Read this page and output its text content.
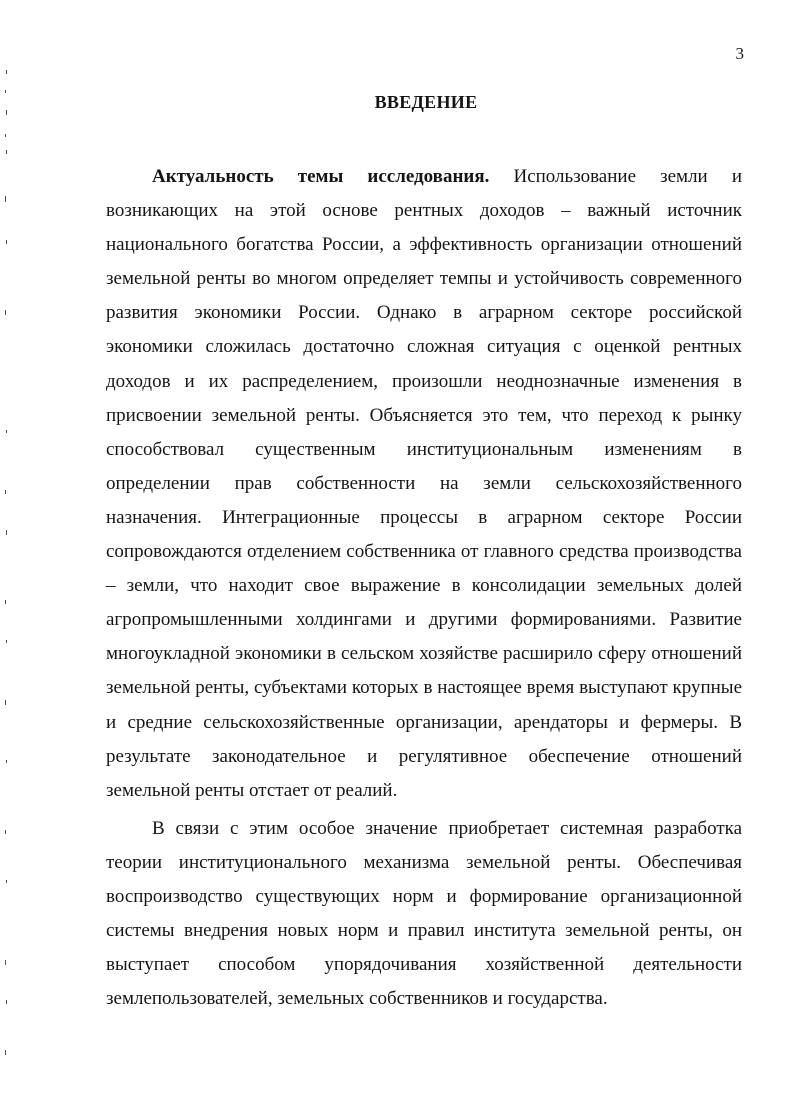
3
ВВЕДЕНИЕ

Актуальность темы исследования. Использование земли и возникающих на этой основе рентных доходов – важный источник национального богатства России, а эффективность организации отношений земельной ренты во многом определяет темпы и устойчивость современного развития экономики России. Однако в аграрном секторе российской экономики сложилась достаточно сложная ситуация с оценкой рентных доходов и их распределением, произошли неоднозначные изменения в присвоении земельной ренты. Объясняется это тем, что переход к рынку способствовал существенным институциональным изменениям в определении прав собственности на земли сельскохозяйственного назначения. Интеграционные процессы в аграрном секторе России сопровождаются отделением собственника от главного средства производства – земли, что находит свое выражение в консолидации земельных долей агропромышленными холдингами и другими формированиями. Развитие многоукладной экономики в сельском хозяйстве расширило сферу отношений земельной ренты, субъектами которых в настоящее время выступают крупные и средние сельскохозяйственные организации, арендаторы и фермеры. В результате законодательное и регулятивное обеспечение отношений земельной ренты отстает от реалий.

В связи с этим особое значение приобретает системная разработка теории институционального механизма земельной ренты. Обеспечивая воспроизводство существующих норм и формирование организационной системы внедрения новых норм и правил института земельной ренты, он выступает способом упорядочивания хозяйственной деятельности землепользователей, земельных собственников и государства.
